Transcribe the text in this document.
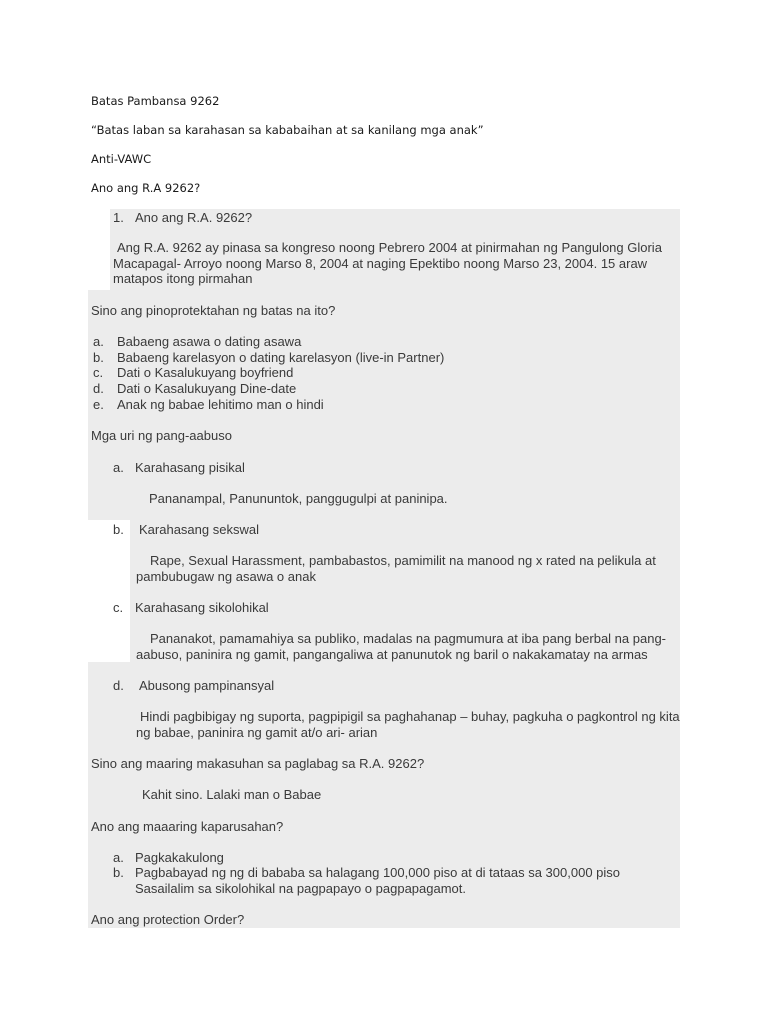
Batas Pambansa 9262
“Batas laban sa karahasan sa kababaihan at sa kanilang mga anak”
Anti-VAWC
Ano ang R.A 9262?
1. Ano ang R.A. 9262?
Ang R.A. 9262 ay pinasa sa kongreso noong Pebrero 2004 at pinirmahan ng Pangulong Gloria Macapagal- Arroyo noong Marso 8, 2004 at naging Epektibo noong Marso 23, 2004. 15 araw matapos itong pirmahan
Sino ang pinoprotektahan ng batas na ito?
a. Babaeng asawa o dating asawa
b. Babaeng karelasyon o dating karelasyon (live-in Partner)
c. Dati o Kasalukuyang boyfriend
d. Dati o Kasalukuyang Dine-date
e. Anak ng babae lehitimo man o hindi
Mga uri ng pang-aabuso
a. Karahasang pisikal
Pananampal, Panununtok, panggugulpi at paninipa.
b. Karahasang sekswal
Rape, Sexual Harassment, pambabastos, pamimilit na manood ng x rated na pelikula at pambubugaw ng asawa o anak
c. Karahasang sikolohikal
Pananakot, pamamahiya sa publiko, madalas na pagmumura at iba pang berbal na pang-aabuso, paninira ng gamit, pangangaliwa at panunutok ng baril o nakakamatay na armas
d. Abusong pampinansyal
Hindi pagbibigay ng suporta, pagpipigil sa paghahanap – buhay, pagkuha o pagkontrol ng kita ng babae, paninira ng gamit at/o ari- arian
Sino ang maaring makasuhan sa paglabag sa R.A. 9262?
Kahit sino. Lalaki man o Babae
Ano ang maaaring kaparusahan?
a. Pagkakakulong
b. Pagbabayad ng ng di bababa sa halagang 100,000 piso at di tataas sa 300,000 piso
Sasailalim sa sikolohikal na pagpapayo o pagpapagamot.
Ano ang protection Order?
